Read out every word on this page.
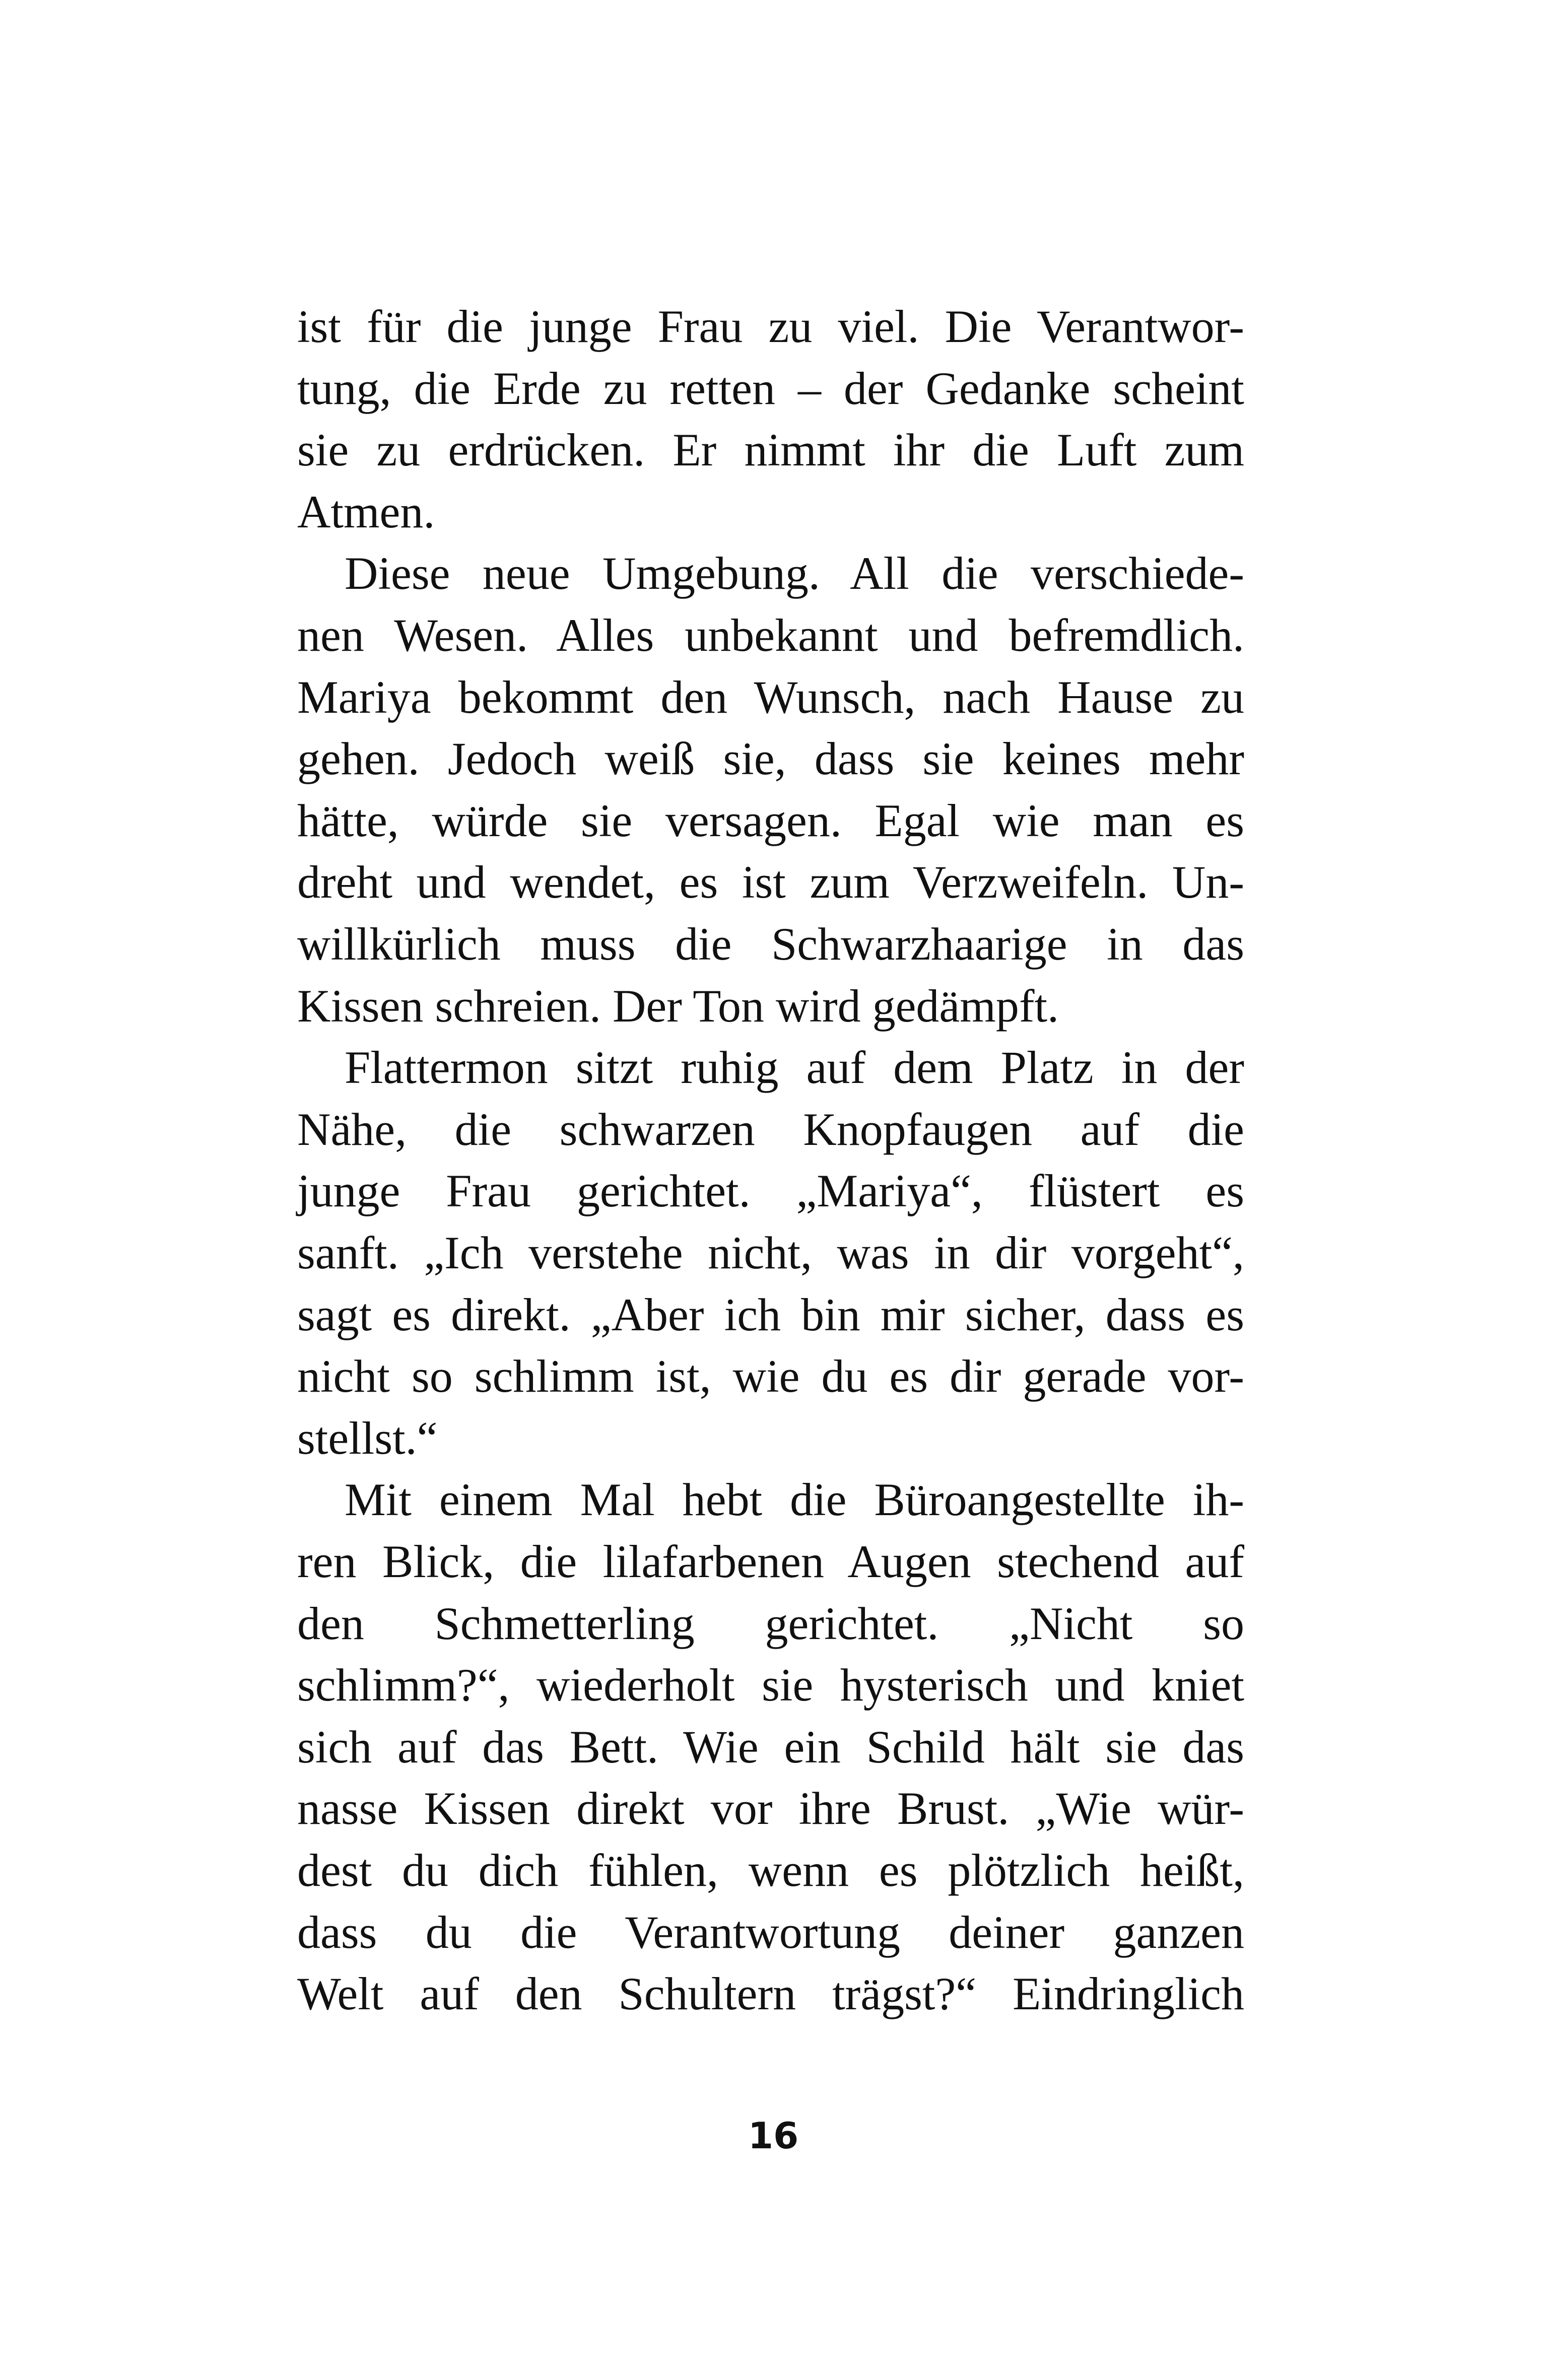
ist für die junge Frau zu viel. Die Verantwor-
tung, die Erde zu retten – der Gedanke scheint
sie zu erdrücken. Er nimmt ihr die Luft zum
Atmen.
Diese neue Umgebung. All die verschiede-
nen Wesen. Alles unbekannt und befremdlich.
Mariya bekommt den Wunsch, nach Hause zu
gehen. Jedoch weiß sie, dass sie keines mehr
hätte, würde sie versagen. Egal wie man es
dreht und wendet, es ist zum Verzweifeln. Un-
willkürlich muss die Schwarzhaarige in das
Kissen schreien. Der Ton wird gedämpft.
Flattermon sitzt ruhig auf dem Platz in der
Nähe, die schwarzen Knopfaugen auf die
junge Frau gerichtet. „Mariya“, flüstert es
sanft. „Ich verstehe nicht, was in dir vorgeht“,
sagt es direkt. „Aber ich bin mir sicher, dass es
nicht so schlimm ist, wie du es dir gerade vor-
stellst.“
Mit einem Mal hebt die Büroangestellte ih-
ren Blick, die lilafarbenen Augen stechend auf
den Schmetterling gerichtet. „Nicht so
schlimm?“, wiederholt sie hysterisch und kniet
sich auf das Bett. Wie ein Schild hält sie das
nasse Kissen direkt vor ihre Brust. „Wie wür-
dest du dich fühlen, wenn es plötzlich heißt,
dass du die Verantwortung deiner ganzen
Welt auf den Schultern trägst?“ Eindringlich
16
